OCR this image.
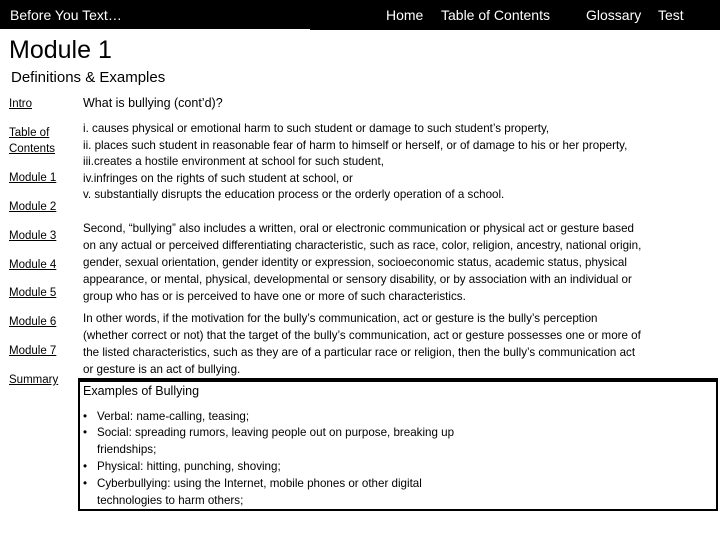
Before You Text…	Home Table of Contents	Glossary Test
Module 1
Definitions & Examples
Intro
Table of
Contents
Module 1
Module 2
Module 3
Module 4
Module 5
Module 6
Module 7
Summary
What is bullying (cont’d)?
i. causes physical or emotional harm to such student or damage to such student’s property,
ii. places such student in reasonable fear of harm to himself or herself, or of damage to his or her property,
iii.creates a hostile environment at school for such student,
iv.infringes on the rights of such student at school, or
v. substantially disrupts the education process or the orderly operation of a school.
Second, “bullying” also includes a written, oral or electronic communication or physical act or gesture based
on any actual or perceived differentiating characteristic, such as race, color, religion, ancestry, national origin,
gender, sexual orientation, gender identity or expression, socioeconomic status, academic status, physical
appearance, or mental, physical, developmental or sensory disability, or by association with an individual or
group who has or is perceived to have one or more of such characteristics.
In other words, if the motivation for the bully’s communication, act or gesture is the bully’s perception
(whether correct or not) that the target of the bully’s communication, act or gesture possesses one or more of
the listed characteristics, such as they are of a particular race or religion, then the bully’s communication act
or gesture is an act of bullying.
Examples of Bullying
• Verbal: name-calling, teasing;
• Social: spreading rumors, leaving people out on purpose, breaking up
friendships;
• Physical: hitting, punching, shoving;
• Cyberbullying: using the Internet, mobile phones or other digital
technologies to harm others;
